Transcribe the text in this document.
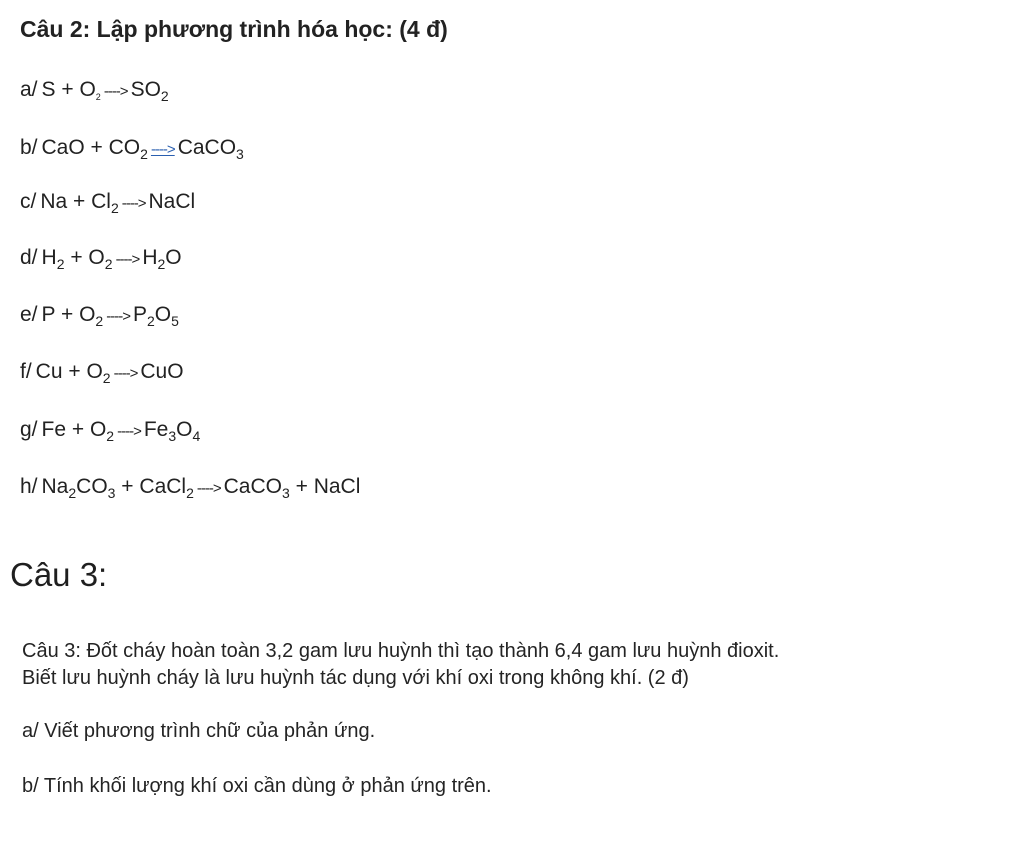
Câu 2: Lập phương trình hóa học: (4 đ)
a/ $S + O_2$ ----> $SO_2$
b/ CaO + $CO_2$ ----> CaCO$_3$
c/ $Na + Cl_2$ ----> NaCl
d/ $H_2 + O_2$ ----> $H_2O$
e/ $P + O_2$ ----> $P_2O_5$
f/ $Cu + O_2$ ----> CuO
g/ $Fe + O_2$ ----> $Fe_3O_4$
h/ $Na_2CO_3$ + CaCl$_2$ ----> CaCO$_3$ + NaCl
Câu 3:
Câu 3: Đốt cháy hoàn toàn 3,2 gam lưu huỳnh thì tạo thành 6,4 gam lưu huỳnh đioxit.
Biết lưu huỳnh cháy là lưu huỳnh tác dụng với khí oxi trong không khí. (2 đ)
a/ Viết phương trình chữ của phản ứng.
b/ Tính khối lượng khí oxi cần dùng ở phản ứng trên.
